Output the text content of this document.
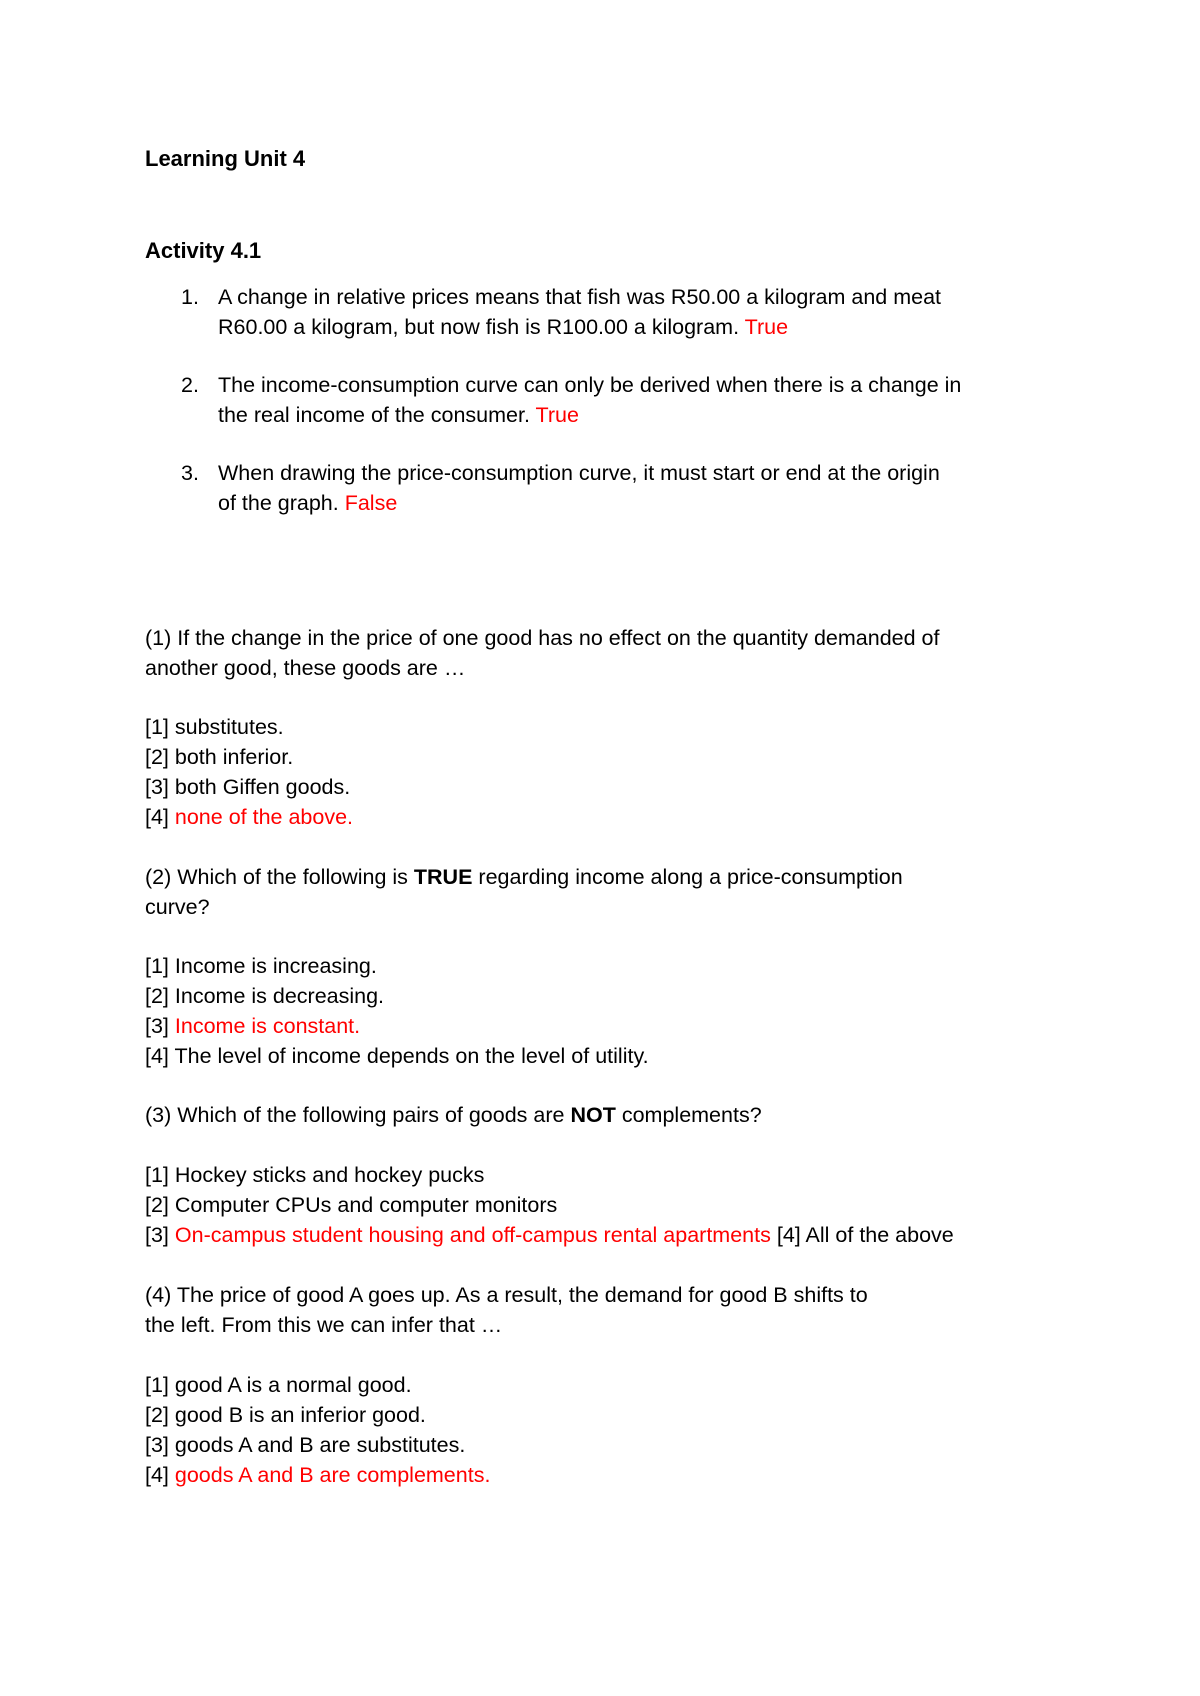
Learning Unit 4

Activity 4.1

1. A change in relative prices means that fish was R50.00 a kilogram and meat
R60.00 a kilogram, but now fish is R100.00 a kilogram. True
2. The income-consumption curve can only be derived when there is a change in
the real income of the consumer. True
3. When drawing the price-consumption curve, it must start or end at the origin
of the graph. False
(1) If the change in the price of one good has no effect on the quantity demanded of
another good, these goods are …
[1] substitutes.
[2] both inferior.
[3] both Giffen goods.
[4] none of the above.
(2) Which of the following is TRUE regarding income along a price-consumption
curve?
[1] Income is increasing.
[2] Income is decreasing.
[3] Income is constant.
[4] The level of income depends on the level of utility.
(3) Which of the following pairs of goods are NOT complements?
[1] Hockey sticks and hockey pucks
[2] Computer CPUs and computer monitors
[3] On-campus student housing and off-campus rental apartments [4] All of the above
(4) The price of good A goes up. As a result, the demand for good B shifts to
the left. From this we can infer that …
[1] good A is a normal good.
[2] good B is an inferior good.
[3] goods A and B are substitutes.
[4] goods A and B are complements.
